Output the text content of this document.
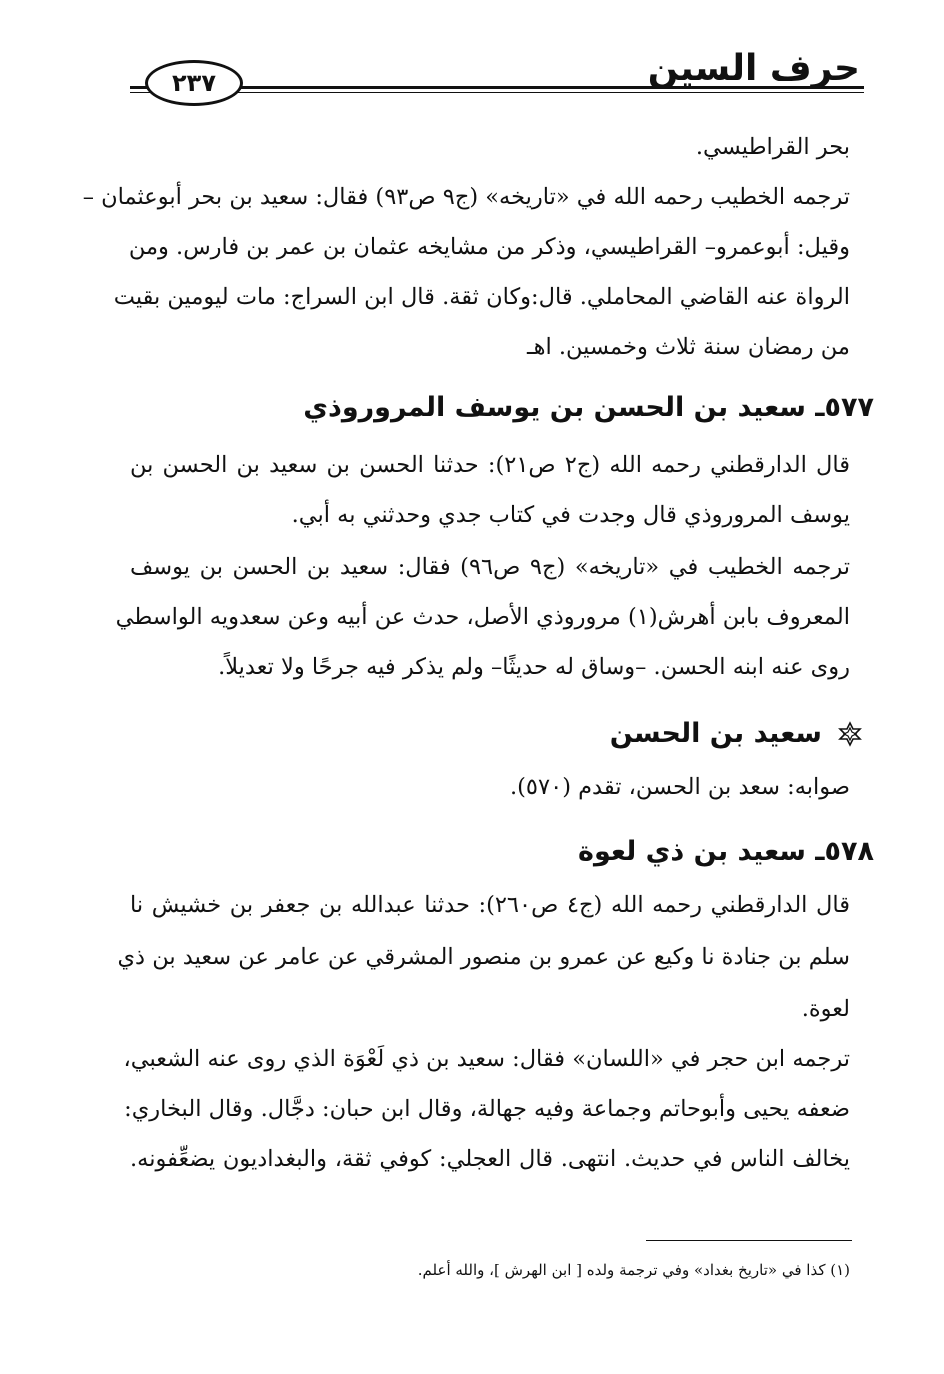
حرف السين
٢٣٧
بحر القراطيسي.
ترجمه الخطيب رحمه الله في «تاريخه» (ج٩ ص٩٣) فقال: سعيد بن بحر أبوعثمان –
وقيل: أبوعمرو– القراطيسي، وذكر من مشايخه عثمان بن عمر بن فارس. ومن
الرواة عنه القاضي المحاملي. قال:وكان ثقة. قال ابن السراج: مات ليومين بقيت
من رمضان سنة ثلاث وخمسين. اهـ
٥٧٧ـ سعيد بن الحسن بن يوسف المروروذي
قال الدارقطني رحمه الله (ج٢ ص٢١): حدثنا الحسن بن سعيد بن الحسن بن
يوسف المروروذي قال وجدت في كتاب جدي وحدثني به أبي.
ترجمه الخطيب في «تاريخه» (ج٩ ص٩٦) فقال: سعيد بن الحسن بن يوسف
المعروف بابن أهرش(١) مروروذي الأصل، حدث عن أبيه وعن سعدويه الواسطي
روى عنه ابنه الحسن. –وساق له حديثًا– ولم يذكر فيه جرحًا ولا تعديلاً.
سعيد بن الحسن
صوابه: سعد بن الحسن، تقدم (٥٧٠).
٥٧٨ـ سعيد بن ذي لعوة
قال الدارقطني رحمه الله (ج٤ ص٢٦٠): حدثنا عبدالله بن جعفر بن خشيش نا
سلم بن جنادة نا وكيع عن عمرو بن منصور المشرقي عن عامر عن سعيد بن ذي
لعوة.
ترجمه ابن حجر في «اللسان» فقال: سعيد بن ذي لَعْوَة الذي روى عنه الشعبي،
ضعفه يحيى وأبوحاتم وجماعة وفيه جهالة، وقال ابن حبان: دجَّال. وقال البخاري:
يخالف الناس في حديث. انتهى. قال العجلي: كوفي ثقة، والبغداديون يضعِّفونه.
(١) كذا في «تاريخ بغداد» وفي ترجمة ولده [ ابن الهرش ]، والله أعلم.
